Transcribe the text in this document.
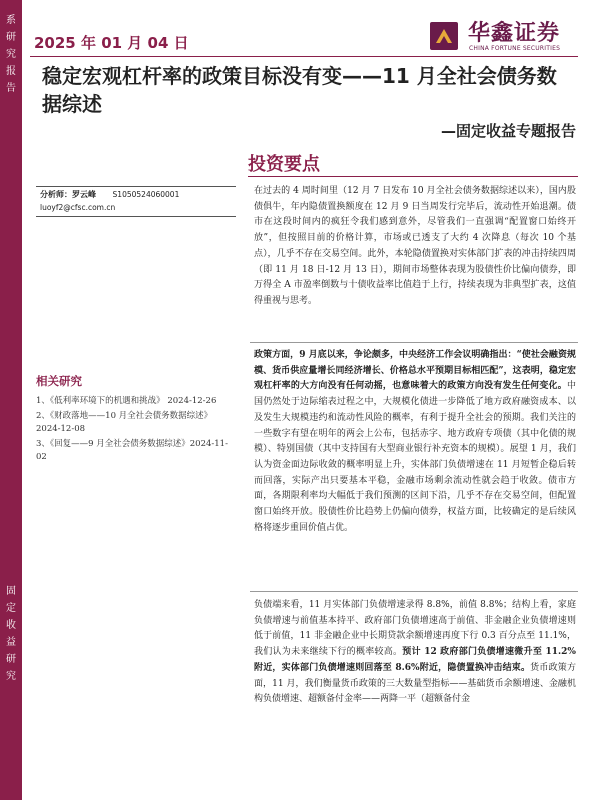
系
研
究
报
告
固
定
收
益
研
究
2025 年 01 月 04 日	华鑫证券
CHINA FORTUNE SECURITIES
稳定宏观杠杆率的政策目标没有变——11 月全社会债务数据综述
—固定收益专题报告
投资要点
分析师：罗云峰 S1050524060001
luoyf2@cfsc.com.cn
相关研究
1、《低利率环境下的机遇和挑战》 2024-12-26
2、《财政落地——10 月全社会债务数据综述》2024-12-08
3、《回复——9 月全社会债务数据综述》2024-11-02

在过去的 4 周时间里（12 月 7 日发布 10 月全社会债务数据综述以来），国内股债俱牛，年内隐债置换额度在 12 月 9 日当周发行完毕后，流动性开始退潮。债市在这段时间内的疯狂令我们感到意外，尽管我们一直强调“配置窗口始终开放”，但按照目前的价格计算，市场或已透支了大约 4 次降息（每次 10 个基点），几乎不存在交易空间。此外，本轮隐债置换对实体部门扩表的冲击持续四周（即 11 月 18 日-12 月 13 日），期间市场整体表现为股债性价比偏向债券，即万得全 A 市盈率倒数与十债收益率比值趋于上行，持续表现为非典型扩表，这值得重视与思考。

政策方面，9 月底以来，争论颇多，中央经济工作会议明确指出：“使社会融资规模、货币供应量增长同经济增长、价格总水平预期目标相匹配”，这表明，稳定宏观杠杆率的大方向没有任何动摇，也意味着大的政策方向没有发生任何变化。中国仍然处于边际缩表过程之中，大规模化债进一步降低了地方政府融资成本、以及发生大规模违约和流动性风险的概率，有利于提升全社会的预期。我们关注的一些数字有望在明年的两会上公布，包括赤字、地方政府专项债（其中化债的规模）、特别国债（其中支持国有大型商业银行补充资本的规模）。展望 1 月，我们认为资金面边际收敛的概率明显上升，实体部门负债增速在 11 月短暂企稳后转而回落，实际产出只要基本平稳，金融市场剩余流动性就会趋于收敛。债市方面，各期限利率均大幅低于我们预测的区间下沿，几乎不存在交易空间，但配置窗口始终开放。股债性价比趋势上仍偏向债券，权益方面，比较确定的是后续风格将逐步重回价值占优。

负债端来看，11 月实体部门负债增速录得 8.8%，前值 8.8%；结构上看，家庭负债增速与前值基本持平、政府部门负债增速高于前值、非金融企业负债增速则低于前值，11 非金融企业中长期贷款余额增速再度下行 0.3 百分点至 11.1%，我们认为未来继续下行的概率较高。预计 12 政府部门负债增速微升至 11.2%附近，实体部门负债增速则回落至 8.6%附近，隐债置换冲击结束。货币政策方面，11 月，我们衡量货币政策的三大数量型指标——基础货币余额增速、金融机构负债增速、超额备付金率——两降一平（超额备付金
